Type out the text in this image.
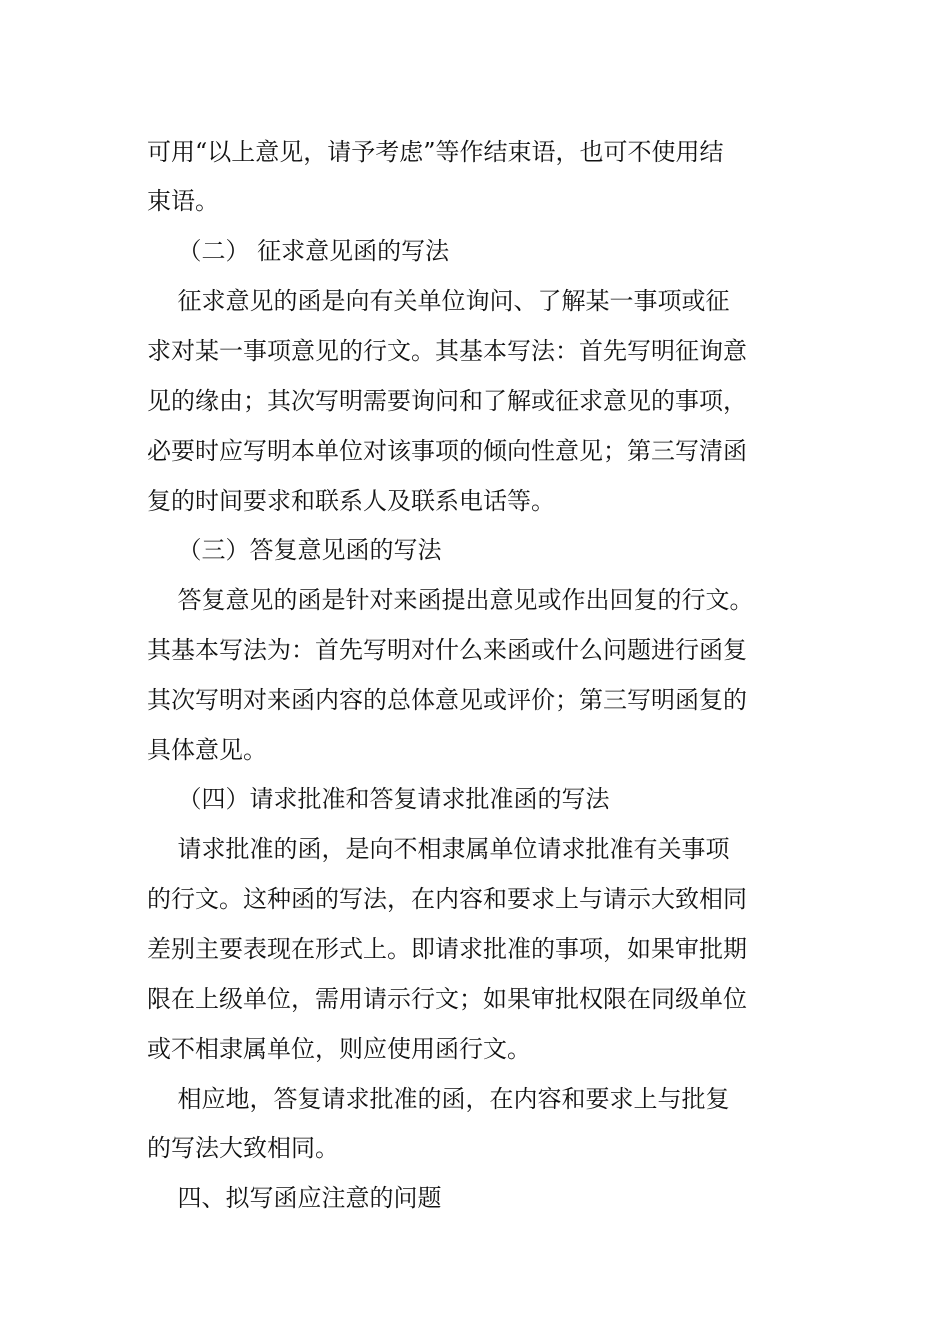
可用“以上意见，请予考虑”等作结束语，也可不使用结
束语。
（二） 征求意见函的写法
征求意见的函是向有关单位询问、了解某一事项或征
求对某一事项意见的行文。其基本写法：首先写明征询意
见的缘由；其次写明需要询问和了解或征求意见的事项，
必要时应写明本单位对该事项的倾向性意见；第三写清函
复的时间要求和联系人及联系电话等。
（三）答复意见函的写法
答复意见的函是针对来函提出意见或作出回复的行文。
其基本写法为：首先写明对什么来函或什么问题进行函复
其次写明对来函内容的总体意见或评价；第三写明函复的
具体意见。
（四）请求批准和答复请求批准函的写法
请求批准的函，是向不相隶属单位请求批准有关事项
的行文。这种函的写法，在内容和要求上与请示大致相同
差别主要表现在形式上。即请求批准的事项，如果审批期
限在上级单位，需用请示行文；如果审批权限在同级单位
或不相隶属单位，则应使用函行文。
相应地，答复请求批准的函，在内容和要求上与批复
的写法大致相同。
四、拟写函应注意的问题
